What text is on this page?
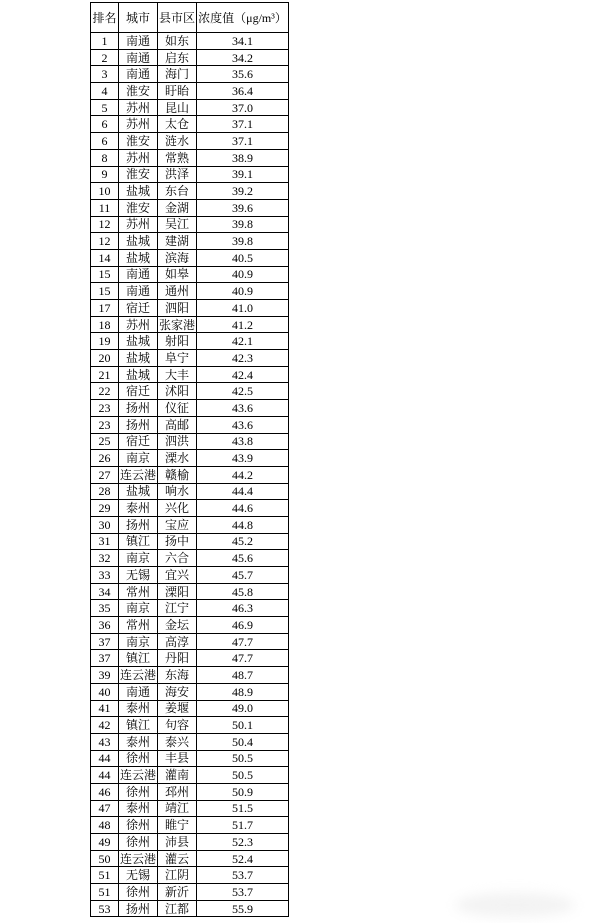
排名	城市	县市区	浓度值（μg/m³）
1	南通	如东	34.1
2	南通	启东	34.2
3	南通	海门	35.6
4	淮安	盱眙	36.4
5	苏州	昆山	37.0
6	苏州	太仓	37.1
6	淮安	涟水	37.1
8	苏州	常熟	38.9
9	淮安	洪泽	39.1
10	盐城	东台	39.2
11	淮安	金湖	39.6
12	苏州	吴江	39.8
12	盐城	建湖	39.8
14	盐城	滨海	40.5
15	南通	如皋	40.9
15	南通	通州	40.9
17	宿迁	泗阳	41.0
18	苏州	张家港	41.2
19	盐城	射阳	42.1
20	盐城	阜宁	42.3
21	盐城	大丰	42.4
22	宿迁	沭阳	42.5
23	扬州	仪征	43.6
23	扬州	高邮	43.6
25	宿迁	泗洪	43.8
26	南京	溧水	43.9
27	连云港	赣榆	44.2
28	盐城	响水	44.4
29	泰州	兴化	44.6
30	扬州	宝应	44.8
31	镇江	扬中	45.2
32	南京	六合	45.6
33	无锡	宜兴	45.7
34	常州	溧阳	45.8
35	南京	江宁	46.3
36	常州	金坛	46.9
37	南京	高淳	47.7
37	镇江	丹阳	47.7
39	连云港	东海	48.7
40	南通	海安	48.9
41	泰州	姜堰	49.0
42	镇江	句容	50.1
43	泰州	泰兴	50.4
44	徐州	丰县	50.5
44	连云港	灌南	50.5
46	徐州	邳州	50.9
47	泰州	靖江	51.5
48	徐州	睢宁	51.7
49	徐州	沛县	52.3
50	连云港	灌云	52.4
51	无锡	江阴	53.7
51	徐州	新沂	53.7
53	扬州	江都	55.9
